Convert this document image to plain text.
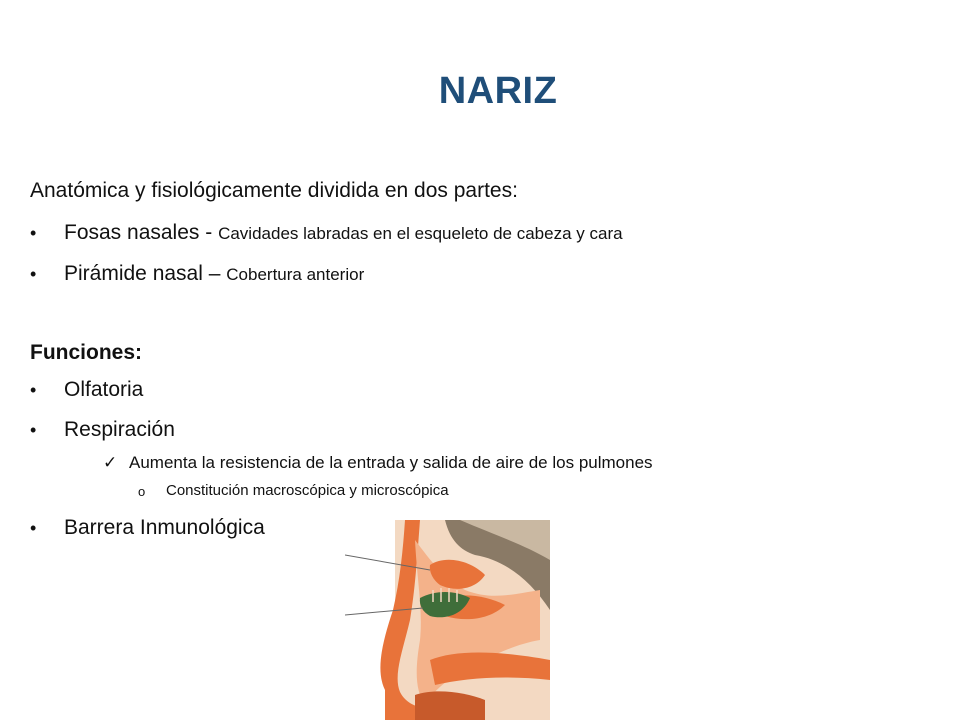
NARIZ
Anatómica y fisiológicamente dividida en dos partes:
• Fosas nasales - Cavidades labradas en el esqueleto de cabeza y cara
• Pirámide nasal – Cobertura anterior
Funciones:
• Olfatoria
• Respiración
✓ Aumenta la resistencia de la entrada y salida de aire de los pulmones
o Constitución macroscópica y microscópica
• Barrera Inmunológica
